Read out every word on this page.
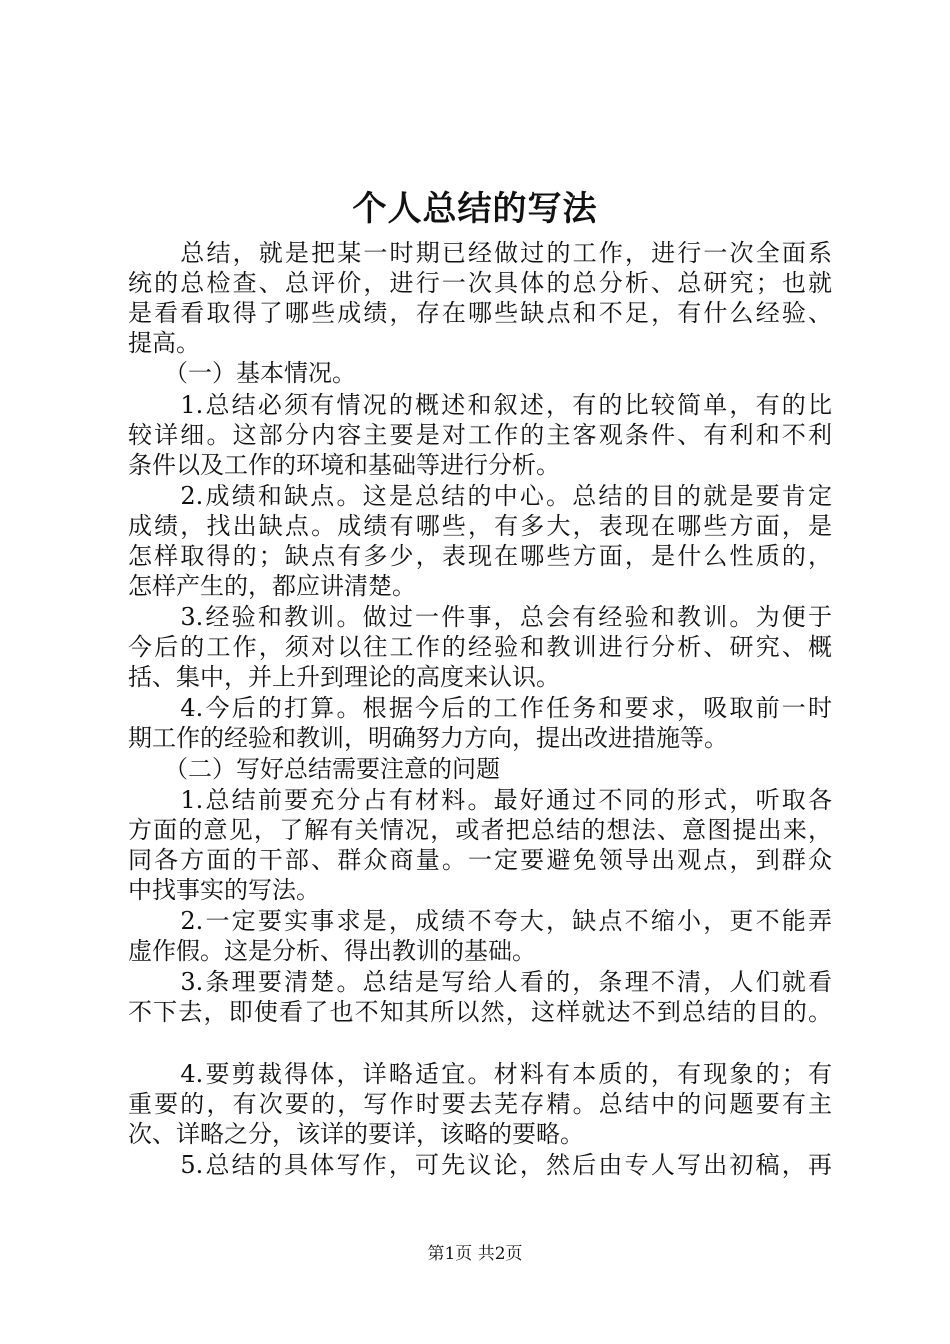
个人总结的写法
　　总结，就是把某一时期已经做过的工作，进行一次全面系
统的总检查、总评价，进行一次具体的总分析、总研究；也就
是看看取得了哪些成绩，存在哪些缺点和不足，有什么经验、
提高。
　　（一）基本情况。
　　1.总结必须有情况的概述和叙述，有的比较简单，有的比
较详细。这部分内容主要是对工作的主客观条件、有利和不利
条件以及工作的环境和基础等进行分析。
　　2.成绩和缺点。这是总结的中心。总结的目的就是要肯定
成绩，找出缺点。成绩有哪些，有多大，表现在哪些方面，是
怎样取得的；缺点有多少，表现在哪些方面，是什么性质的，
怎样产生的，都应讲清楚。
　　3.经验和教训。做过一件事，总会有经验和教训。为便于
今后的工作，须对以往工作的经验和教训进行分析、研究、概
括、集中，并上升到理论的高度来认识。
　　4.今后的打算。根据今后的工作任务和要求，吸取前一时
期工作的经验和教训，明确努力方向，提出改进措施等。
　　（二）写好总结需要注意的问题
　　1.总结前要充分占有材料。最好通过不同的形式，听取各
方面的意见，了解有关情况，或者把总结的想法、意图提出来，
同各方面的干部、群众商量。一定要避免领导出观点，到群众
中找事实的写法。
　　2.一定要实事求是，成绩不夸大，缺点不缩小，更不能弄
虚作假。这是分析、得出教训的基础。
　　3.条理要清楚。总结是写给人看的，条理不清，人们就看
不下去，即使看了也不知其所以然，这样就达不到总结的目的。
　　4.要剪裁得体，详略适宜。材料有本质的，有现象的；有
重要的，有次要的，写作时要去芜存精。总结中的问题要有主
次、详略之分，该详的要详，该略的要略。
　　5.总结的具体写作，可先议论，然后由专人写出初稿，再
第1页 共2页
